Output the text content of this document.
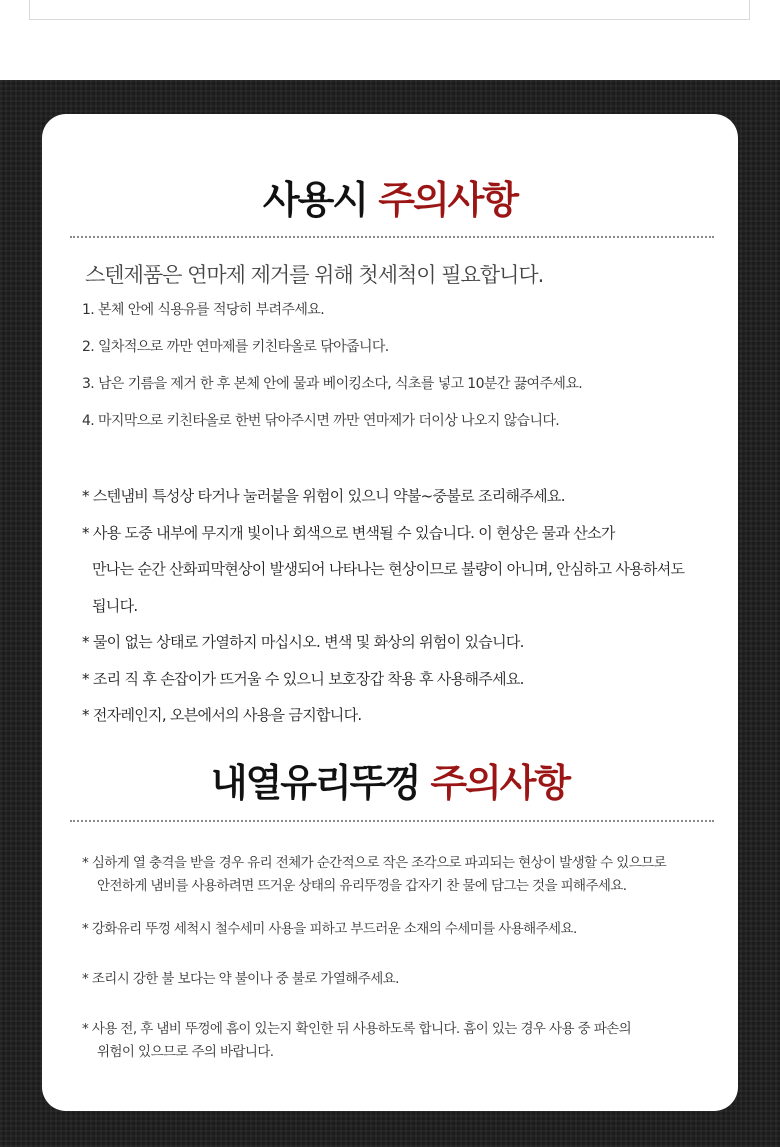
사용시 주의사항
스텐제품은 연마제 제거를 위해 첫세척이 필요합니다.
1. 본체 안에 식용유를 적당히 부려주세요.
2. 일차적으로 까만 연마제를 키친타올로 닦아줍니다.
3. 남은 기름을 제거 한 후 본체 안에 물과 베이킹소다, 식초를 넣고 10분간 끓여주세요.
4. 마지막으로 키친타올로 한번 닦아주시면 까만 연마제가 더이상 나오지 않습니다.
* 스텐냄비 특성상 타거나 눌러붙을 위험이 있으니 약불~중불로 조리해주세요.
* 사용 도중 내부에 무지개 빛이나 회색으로 변색될 수 있습니다. 이 현상은 물과 산소가
만나는 순간 산화피막현상이 발생되어 나타나는 현상이므로 불량이 아니며, 안심하고 사용하셔도
됩니다.
* 물이 없는 상태로 가열하지 마십시오. 변색 및 화상의 위험이 있습니다.
* 조리 직 후 손잡이가 뜨거울 수 있으니 보호장갑 착용 후 사용해주세요.
* 전자레인지, 오븐에서의 사용을 금지합니다.
내열유리뚜껑 주의사항
* 심하게 열 충격을 받을 경우 유리 전체가 순간적으로 작은 조각으로 파괴되는 현상이 발생할 수 있으므로
안전하게 냄비를 사용하려면 뜨거운 상태의 유리뚜껑을 갑자기 찬 물에 담그는 것을 피해주세요.
* 강화유리 뚜껑 세척시 철수세미 사용을 피하고 부드러운 소재의 수세미를 사용해주세요.
* 조리시 강한 불 보다는 약 불이나 중 불로 가열해주세요.
* 사용 전, 후 냄비 뚜껑에 흠이 있는지 확인한 뒤 사용하도록 합니다. 흠이 있는 경우 사용 중 파손의
위험이 있으므로 주의 바랍니다.
